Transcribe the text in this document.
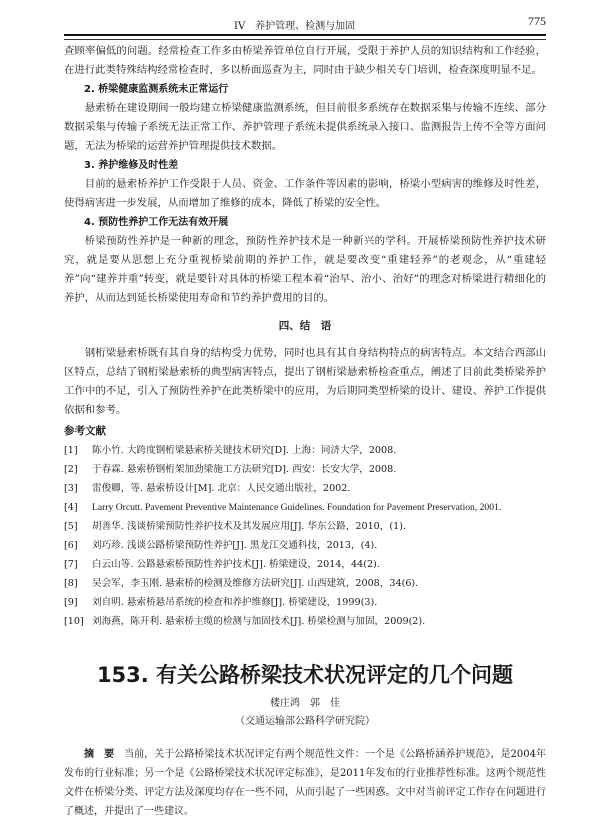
IV　养护管理、检测与加固	775

查顾率偏低的问题。经常检查工作多由桥梁养管单位自行开展，受限于养护人员的知识结构和工作经验，在进行此类特殊结构经常检查时，多以桥面巡查为主，同时由于缺少相关专门培训，检查深度明显不足。

2. 桥梁健康监测系统未正常运行

悬索桥在建设期间一般均建立桥梁健康监测系统，但目前很多系统存在数据采集与传输不连续、部分数据采集与传输子系统无法正常工作、养护管理子系统未提供系统录入接口、监测报告上传不全等方面问题，无法为桥梁的运营养护管理提供技术数据。

3. 养护维修及时性差

目前的悬索桥养护工作受限于人员、资金、工作条件等因素的影响，桥梁小型病害的维修及时性差，使得病害进一步发展，从而增加了维修的成本，降低了桥梁的安全性。

4. 预防性养护工作无法有效开展

桥梁预防性养护是一种新的理念，预防性养护技术是一种新兴的学科。开展桥梁预防性养护技术研究，就是要从思想上充分重视桥梁前期的养护工作，就是要改变“重建轻养”的老观念，从“重建轻养”向“建养并重”转变，就是要针对具体的桥梁工程本着“治早、治小、治好”的理念对桥梁进行精细化的养护，从而达到延长桥梁使用寿命和节约养护费用的目的。

四、结　语

钢桁梁悬索桥既有其自身的结构受力优势，同时也具有其自身结构特点的病害特点。本文结合西部山区特点，总结了钢桁梁悬索桥的典型病害特点，提出了钢桁梁悬索桥检查重点，阐述了目前此类桥梁养护工作中的不足，引入了预防性养护在此类桥梁中的应用，为后期同类型桥梁的设计、建设、养护工作提供依据和参考。

参考文献
[1] 陈小竹. 大跨度钢桁梁悬索桥关键技术研究[D]. 上海：同济大学，2008.
[2] 于春霖. 悬索桥钢桁架加劲梁施工方法研究[D]. 西安：长安大学，2008.
[3] 雷俊卿，等. 悬索桥设计[M]. 北京：人民交通出版社，2002.
[4] Larry Orcutt. Pavement Preventive Maintenance Guidelines. Foundation for Pavement Preservation, 2001.
[5] 胡善华. 浅谈桥梁预防性养护技术及其发展应用[J]. 华东公路，2010，(1).
[6] 刘巧珍. 浅谈公路桥梁预防性养护[J]. 黑龙江交通科技，2013，(4).
[7] 白云山等. 公路悬索桥预防性养护技术[J]. 桥梁建设，2014，44(2).
[8] 吴会军，李玉刚. 悬索桥的检测及维修方法研究[J]. 山西建筑，2008，34(6).
[9] 刘自明. 悬索桥悬吊系统的检查和养护维修[J]. 桥梁建设，1999(3).
[10] 刘海燕，陈开利. 悬索桥主缆的检测与加固技术[J]. 桥梁检测与加固，2009(2).
153. 有关公路桥梁技术状况评定的几个问题
楼庄鸿　郭　佳
（交通运输部公路科学研究院）

摘　要 当前，关于公路桥梁技术状况评定有两个规范性文件：一个是《公路桥涵养护规范》，是2004年发布的行业标准；另一个是《公路桥梁技术状况评定标准》，是2011年发布的行业推荐性标准。这两个规范性文件在桥梁分类、评定方法及深度均存在一些不同，从而引起了一些困惑。文中对当前评定工作存在问题进行了概述，并提出了一些建议。
